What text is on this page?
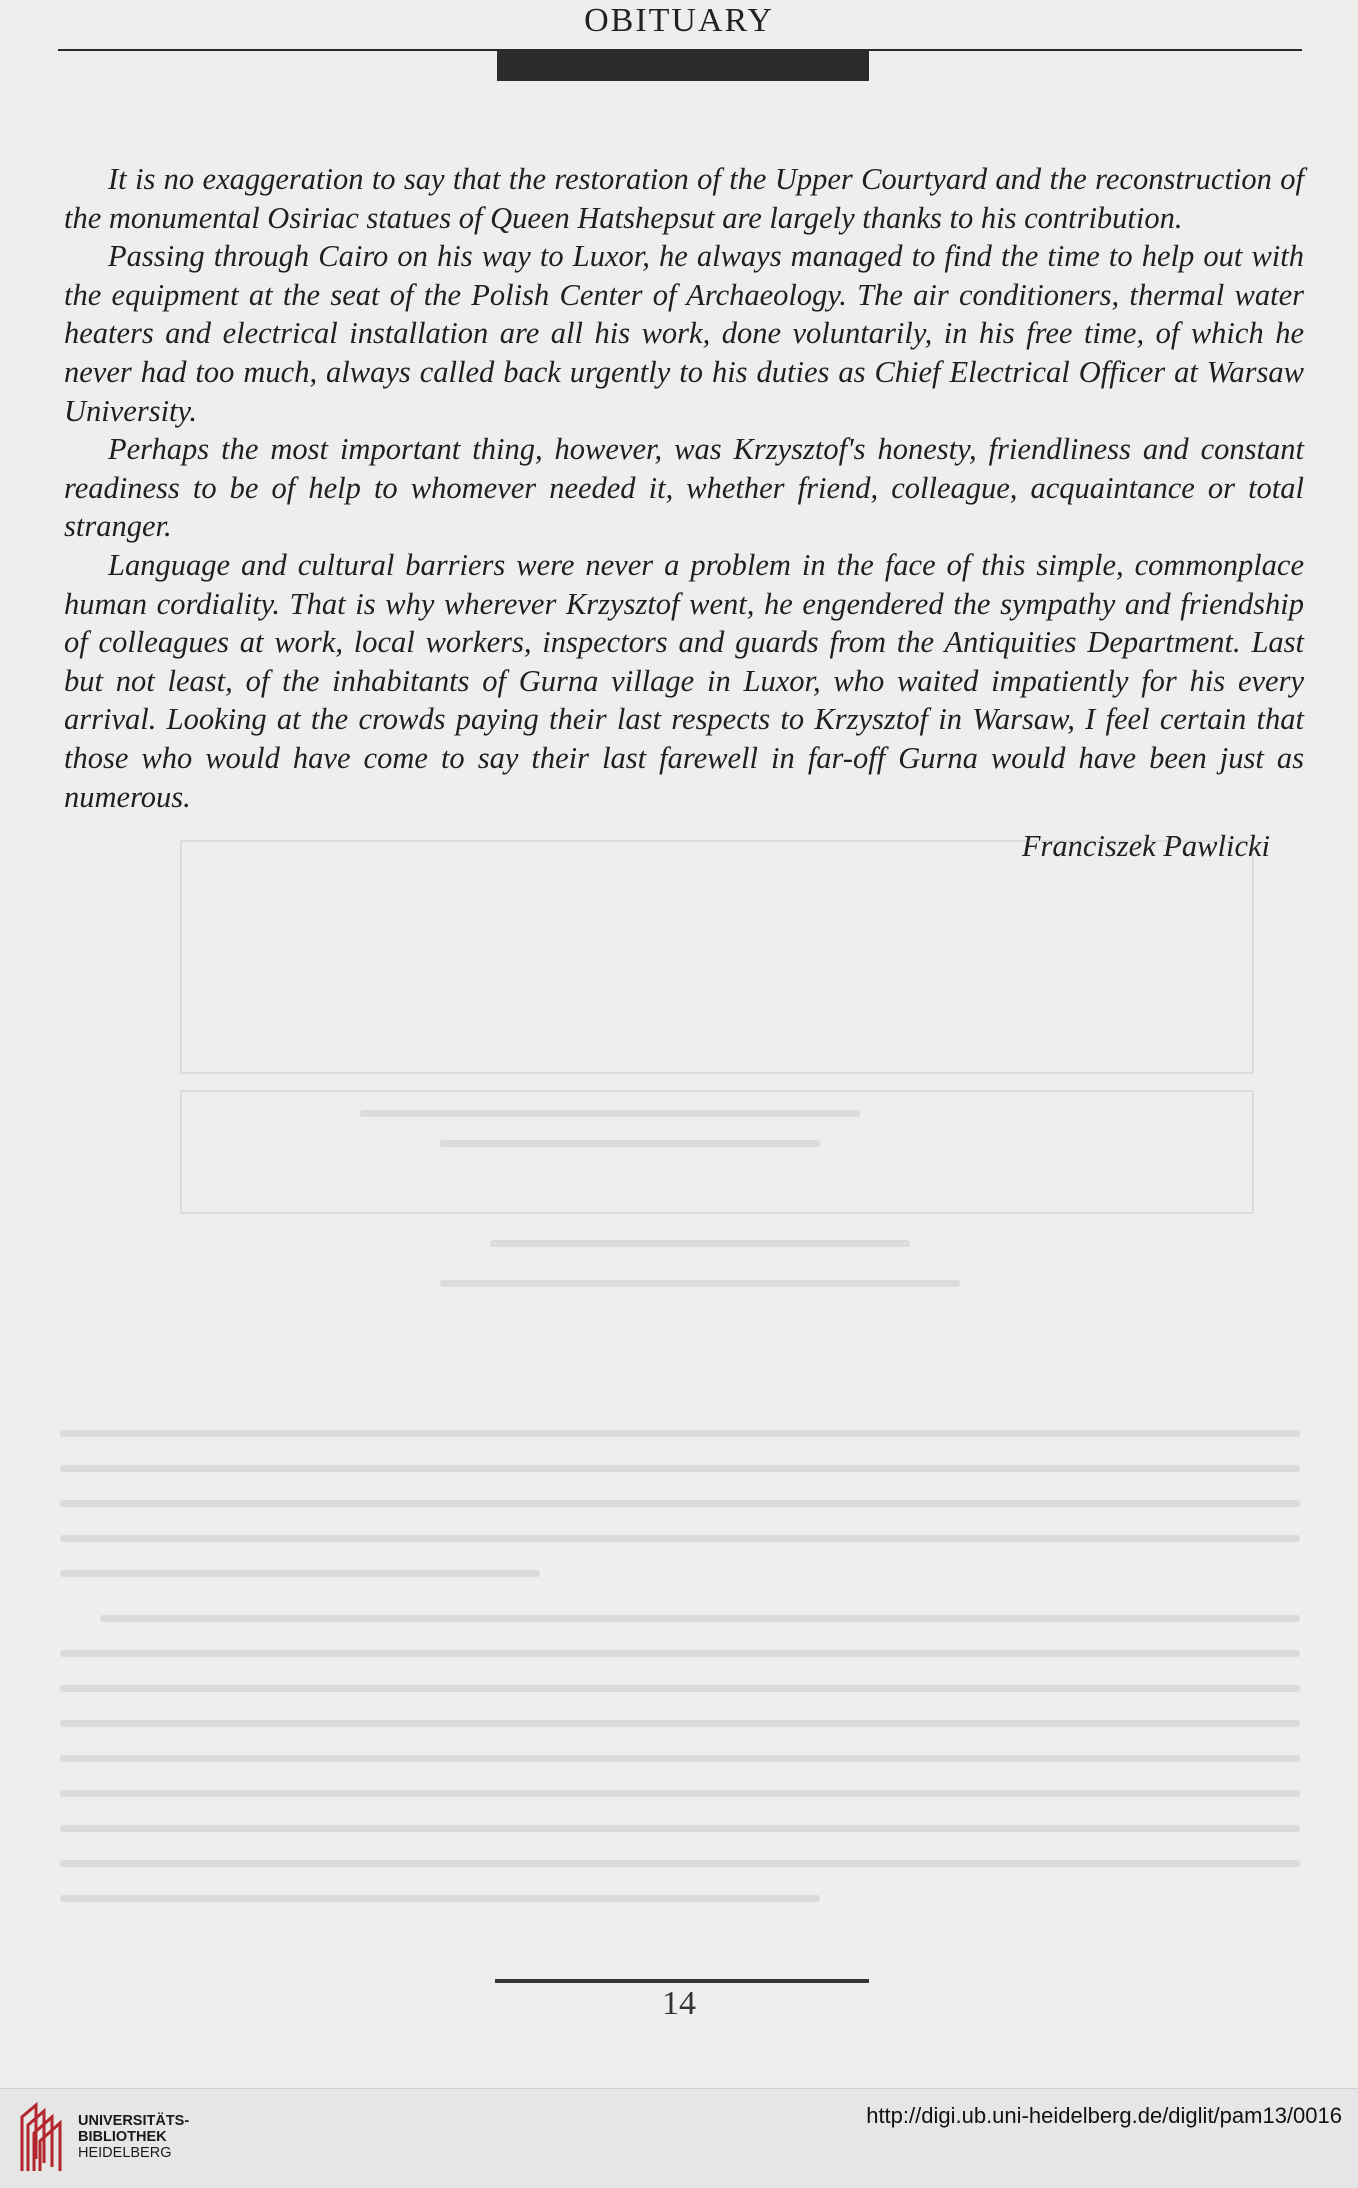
OBITUARY

It is no exaggeration to say that the restoration of the Upper Courtyard and the reconstruction of the monumental Osiriac statues of Queen Hatshepsut are largely thanks to his contribution.

Passing through Cairo on his way to Luxor, he always managed to find the time to help out with the equipment at the seat of the Polish Center of Archaeology. The air conditioners, thermal water heaters and electrical installation are all his work, done voluntarily, in his free time, of which he never had too much, always called back urgently to his duties as Chief Electrical Officer at Warsaw University.

Perhaps the most important thing, however, was Krzysztof's honesty, friendliness and constant readiness to be of help to whomever needed it, whether friend, colleague, acquaintance or total stranger.

Language and cultural barriers were never a problem in the face of this simple, commonplace human cordiality. That is why wherever Krzysztof went, he engendered the sympathy and friendship of colleagues at work, local workers, inspectors and guards from the Antiquities Department. Last but not least, of the inhabitants of Gurna village in Luxor, who waited impatiently for his every arrival. Looking at the crowds paying their last respects to Krzysztof in Warsaw, I feel certain that those who would have come to say their last farewell in far-off Gurna would have been just as numerous.

Franciszek Pawlicki
14
UNIVERSITÄTS-
BIBLIOTHEK
HEIDELBERG
http://digi.ub.uni-heidelberg.de/diglit/pam13/0016
